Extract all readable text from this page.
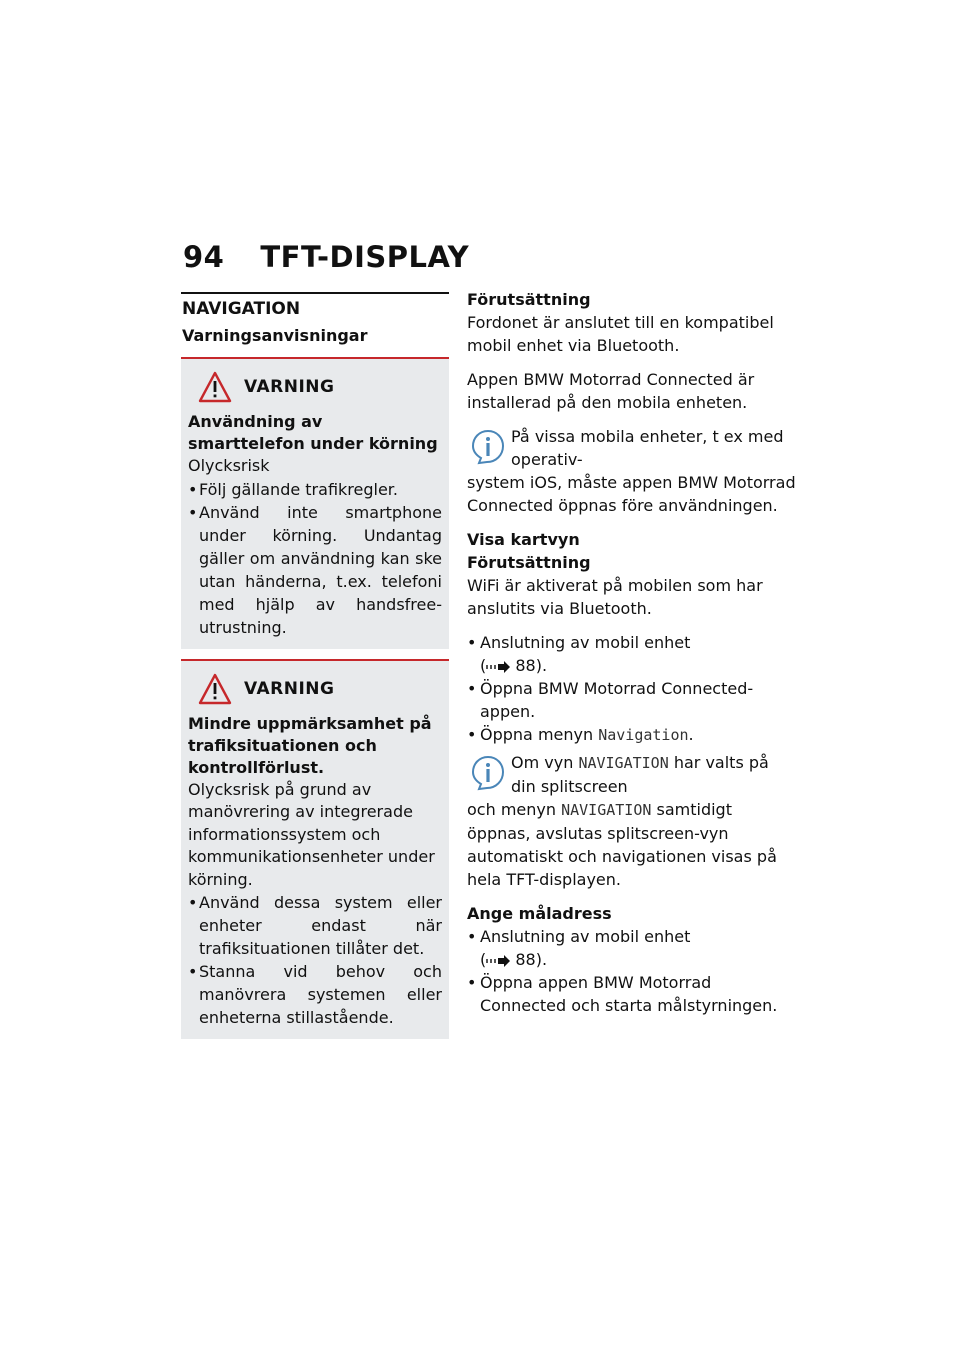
94 TFT-DISPLAY
NAVIGATION
Varningsanvisningar
VARNING
Användning av smarttelefon under körning
Olycksrisk
• Följ gällande trafikregler.
• Använd inte smartphone under körning. Undantag gäller om användning kan ske utan händerna, t.ex. telefoni med hjälp av handsfree-utrustning.
VARNING
Mindre uppmärksamhet på trafiksituationen och kontrollförlust.
Olycksrisk på grund av manövrering av integrerade informationssystem och kommunikationsenheter under körning.
• Använd dessa system eller enheter endast när trafiksituationen tillåter det.
• Stanna vid behov och manövrera systemen eller enheterna stillastående.
Förutsättning
Fordonet är anslutet till en kompatibel mobil enhet via Bluetooth.
Appen BMW Motorrad Connected är installerad på den mobila enheten.
På vissa mobila enheter, t ex med operativ-
system iOS, måste appen BMW Motorrad Connected öppnas före användningen.
Visa kartvyn
Förutsättning
WiFi är aktiverat på mobilen som har anslutits via Bluetooth.
• Anslutning av mobil enhet
( 88).
• Öppna BMW Motorrad Connected-appen.
• Öppna menyn Navigation.
Om vyn NAVIGATION har valts på din splitscreen
och menyn NAVIGATION samtidigt öppnas, avslutas splitscreen-vyn automatiskt och navigationen visas på hela TFT-displayen.
Ange måladress
• Anslutning av mobil enhet
( 88).
• Öppna appen BMW Motorrad Connected och starta målstyrningen.
